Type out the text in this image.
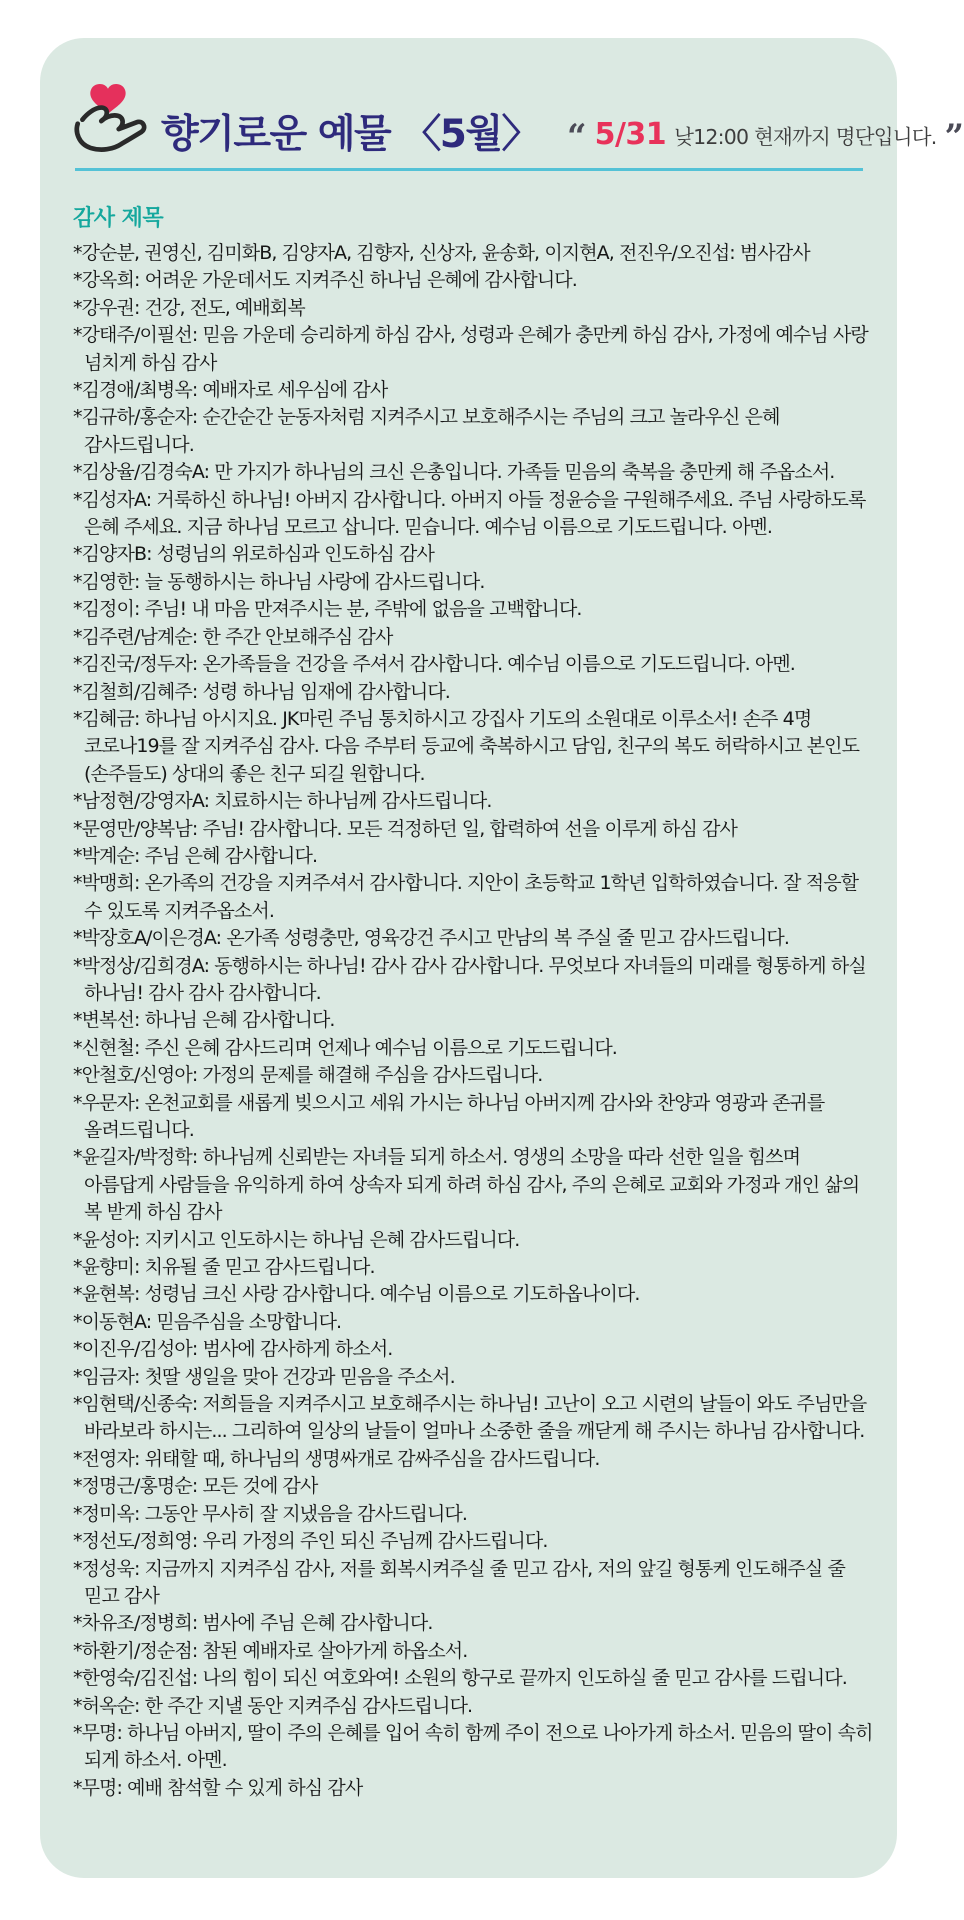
향기로운 예물 〈5월〉 “ 5/31 낮12:00 현재까지 명단입니다. ”
감사 제목
*강순분, 권영신, 김미화B, 김양자A, 김향자, 신상자, 윤송화, 이지현A, 전진우/오진섭: 범사감사
*강옥희: 어려운 가운데서도 지켜주신 하나님 은혜에 감사합니다.
*강우권: 건강, 전도, 예배회복
*강태주/이필선: 믿음 가운데 승리하게 하심 감사, 성령과 은혜가 충만케 하심 감사, 가정에 예수님 사랑 넘치게 하심 감사
*김경애/최병옥: 예배자로 세우심에 감사
*김규하/홍순자: 순간순간 눈동자처럼 지켜주시고 보호해주시는 주님의 크고 놀라우신 은혜 감사드립니다.
*김상율/김경숙A: 만 가지가 하나님의 크신 은총입니다. 가족들 믿음의 축복을 충만케 해 주옵소서.
*김성자A: 거룩하신 하나님! 아버지 감사합니다. 아버지 아들 정윤승을 구원해주세요. 주님 사랑하도록 은혜 주세요. 지금 하나님 모르고 삽니다. 믿습니다. 예수님 이름으로 기도드립니다. 아멘.
*김양자B: 성령님의 위로하심과 인도하심 감사
*김영한: 늘 동행하시는 하나님 사랑에 감사드립니다.
*김정이: 주님! 내 마음 만져주시는 분, 주밖에 없음을 고백합니다.
*김주련/남계순: 한 주간 안보해주심 감사
*김진국/정두자: 온가족들을 건강을 주셔서 감사합니다. 예수님 이름으로 기도드립니다. 아멘.
*김철희/김혜주: 성령 하나님 임재에 감사합니다.
*김혜금: 하나님 아시지요. JK마린 주님 통치하시고 강집사 기도의 소원대로 이루소서! 손주 4명 코로나19를 잘 지켜주심 감사. 다음 주부터 등교에 축복하시고 담임, 친구의 복도 허락하시고 본인도(손주들도) 상대의 좋은 친구 되길 원합니다.
*남정현/강영자A: 치료하시는 하나님께 감사드립니다.
*문영만/양복남: 주님! 감사합니다. 모든 걱정하던 일, 합력하여 선을 이루게 하심 감사
*박계순: 주님 은혜 감사합니다.
*박맹희: 온가족의 건강을 지켜주셔서 감사합니다. 지안이 초등학교 1학년 입학하였습니다. 잘 적응할 수 있도록 지켜주옵소서.
*박장호A/이은경A: 온가족 성령충만, 영육강건 주시고 만남의 복 주실 줄 믿고 감사드립니다.
*박정상/김희경A: 동행하시는 하나님! 감사 감사 감사합니다. 무엇보다 자녀들의 미래를 형통하게 하실 하나님! 감사 감사 감사합니다.
*변복선: 하나님 은혜 감사합니다.
*신현철: 주신 은혜 감사드리며 언제나 예수님 이름으로 기도드립니다.
*안철호/신영아: 가정의 문제를 해결해 주심을 감사드립니다.
*우문자: 온천교회를 새롭게 빚으시고 세워 가시는 하나님 아버지께 감사와 찬양과 영광과 존귀를 올려드립니다.
*윤길자/박정학: 하나님께 신뢰받는 자녀들 되게 하소서. 영생의 소망을 따라 선한 일을 힘쓰며 아름답게 사람들을 유익하게 하여 상속자 되게 하려 하심 감사, 주의 은혜로 교회와 가정과 개인 삶의 복 받게 하심 감사
*윤성아: 지키시고 인도하시는 하나님 은혜 감사드립니다.
*윤향미: 치유될 줄 믿고 감사드립니다.
*윤현복: 성령님 크신 사랑 감사합니다. 예수님 이름으로 기도하옵나이다.
*이동현A: 믿음주심을 소망합니다.
*이진우/김성아: 범사에 감사하게 하소서.
*임금자: 첫딸 생일을 맞아 건강과 믿음을 주소서.
*임현택/신종숙: 저희들을 지켜주시고 보호해주시는 하나님! 고난이 오고 시련의 날들이 와도 주님만을 바라보라 하시는... 그리하여 일상의 날들이 얼마나 소중한 줄을 깨닫게 해 주시는 하나님 감사합니다.
*전영자: 위태할 때, 하나님의 생명싸개로 감싸주심을 감사드립니다.
*정명근/홍명순: 모든 것에 감사
*정미옥: 그동안 무사히 잘 지냈음을 감사드립니다.
*정선도/정희영: 우리 가정의 주인 되신 주님께 감사드립니다.
*정성욱: 지금까지 지켜주심 감사, 저를 회복시켜주실 줄 믿고 감사, 저의 앞길 형통케 인도해주실 줄 믿고 감사
*차유조/정병희: 범사에 주님 은혜 감사합니다.
*하환기/정순점: 참된 예배자로 살아가게 하옵소서.
*한영숙/김진섭: 나의 힘이 되신 여호와여! 소원의 항구로 끝까지 인도하실 줄 믿고 감사를 드립니다.
*허옥순: 한 주간 지낼 동안 지켜주심 감사드립니다.
*무명: 하나님 아버지, 딸이 주의 은혜를 입어 속히 함께 주이 전으로 나아가게 하소서. 믿음의 딸이 속히 되게 하소서. 아멘.
*무명: 예배 참석할 수 있게 하심 감사
